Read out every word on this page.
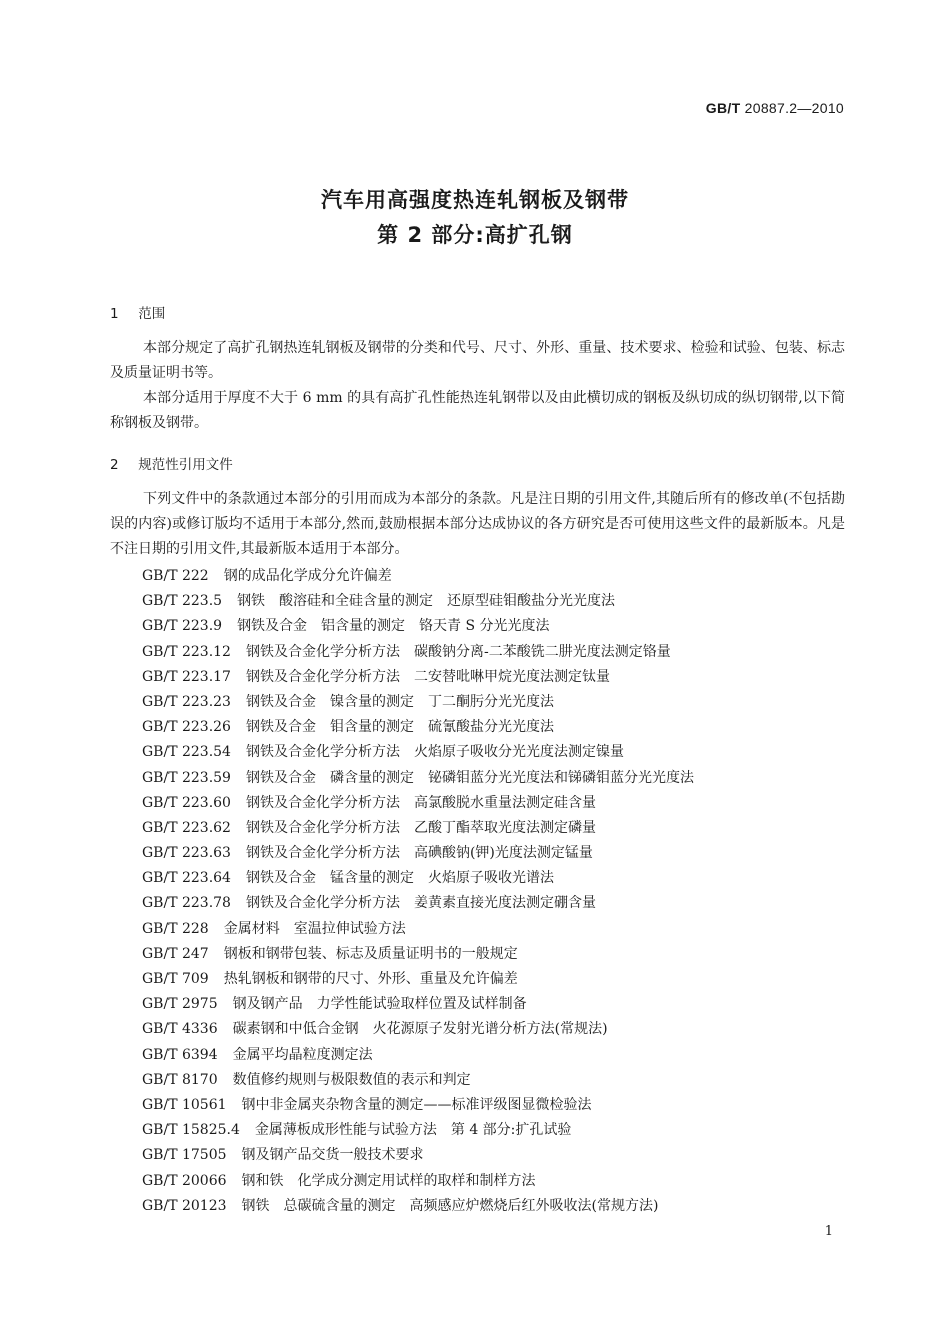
GB/T 20887.2—2010
汽车用高强度热连轧钢板及钢带
第 2 部分:高扩孔钢
1 范围
本部分规定了高扩孔钢热连轧钢板及钢带的分类和代号、尺寸、外形、重量、技术要求、检验和试验、包装、标志及质量证明书等。
本部分适用于厚度不大于 6 mm 的具有高扩孔性能热连轧钢带以及由此横切成的钢板及纵切成的纵切钢带,以下简称钢板及钢带。
2 规范性引用文件
下列文件中的条款通过本部分的引用而成为本部分的条款。凡是注日期的引用文件,其随后所有的修改单(不包括勘误的内容)或修订版均不适用于本部分,然而,鼓励根据本部分达成协议的各方研究是否可使用这些文件的最新版本。凡是不注日期的引用文件,其最新版本适用于本部分。
GB/T 222 钢的成品化学成分允许偏差
GB/T 223.5 钢铁　酸溶硅和全硅含量的测定　还原型硅钼酸盐分光光度法
GB/T 223.9 钢铁及合金　铝含量的测定　铬天青 S 分光光度法
GB/T 223.12 钢铁及合金化学分析方法　碳酸钠分离-二苯酸铣二肼光度法测定铬量
GB/T 223.17 钢铁及合金化学分析方法　二安替吡啉甲烷光度法测定钛量
GB/T 223.23 钢铁及合金　镍含量的测定　丁二酮肟分光光度法
GB/T 223.26 钢铁及合金　钼含量的测定　硫氰酸盐分光光度法
GB/T 223.54 钢铁及合金化学分析方法　火焰原子吸收分光光度法测定镍量
GB/T 223.59 钢铁及合金　磷含量的测定　铋磷钼蓝分光光度法和锑磷钼蓝分光光度法
GB/T 223.60 钢铁及合金化学分析方法　高氯酸脱水重量法测定硅含量
GB/T 223.62 钢铁及合金化学分析方法　乙酸丁酯萃取光度法测定磷量
GB/T 223.63 钢铁及合金化学分析方法　高碘酸钠(钾)光度法测定锰量
GB/T 223.64 钢铁及合金　锰含量的测定　火焰原子吸收光谱法
GB/T 223.78 钢铁及合金化学分析方法　姜黄素直接光度法测定硼含量
GB/T 228 金属材料　室温拉伸试验方法
GB/T 247 钢板和钢带包装、标志及质量证明书的一般规定
GB/T 709 热轧钢板和钢带的尺寸、外形、重量及允许偏差
GB/T 2975 钢及钢产品　力学性能试验取样位置及试样制备
GB/T 4336 碳素钢和中低合金钢　火花源原子发射光谱分析方法(常规法)
GB/T 6394 金属平均晶粒度测定法
GB/T 8170 数值修约规则与极限数值的表示和判定
GB/T 10561 钢中非金属夹杂物含量的测定——标准评级图显微检验法
GB/T 15825.4 金属薄板成形性能与试验方法　第 4 部分:扩孔试验
GB/T 17505 钢及钢产品交货一般技术要求
GB/T 20066 钢和铁　化学成分测定用试样的取样和制样方法
GB/T 20123 钢铁　总碳硫含量的测定　高频感应炉燃烧后红外吸收法(常规方法)
1
